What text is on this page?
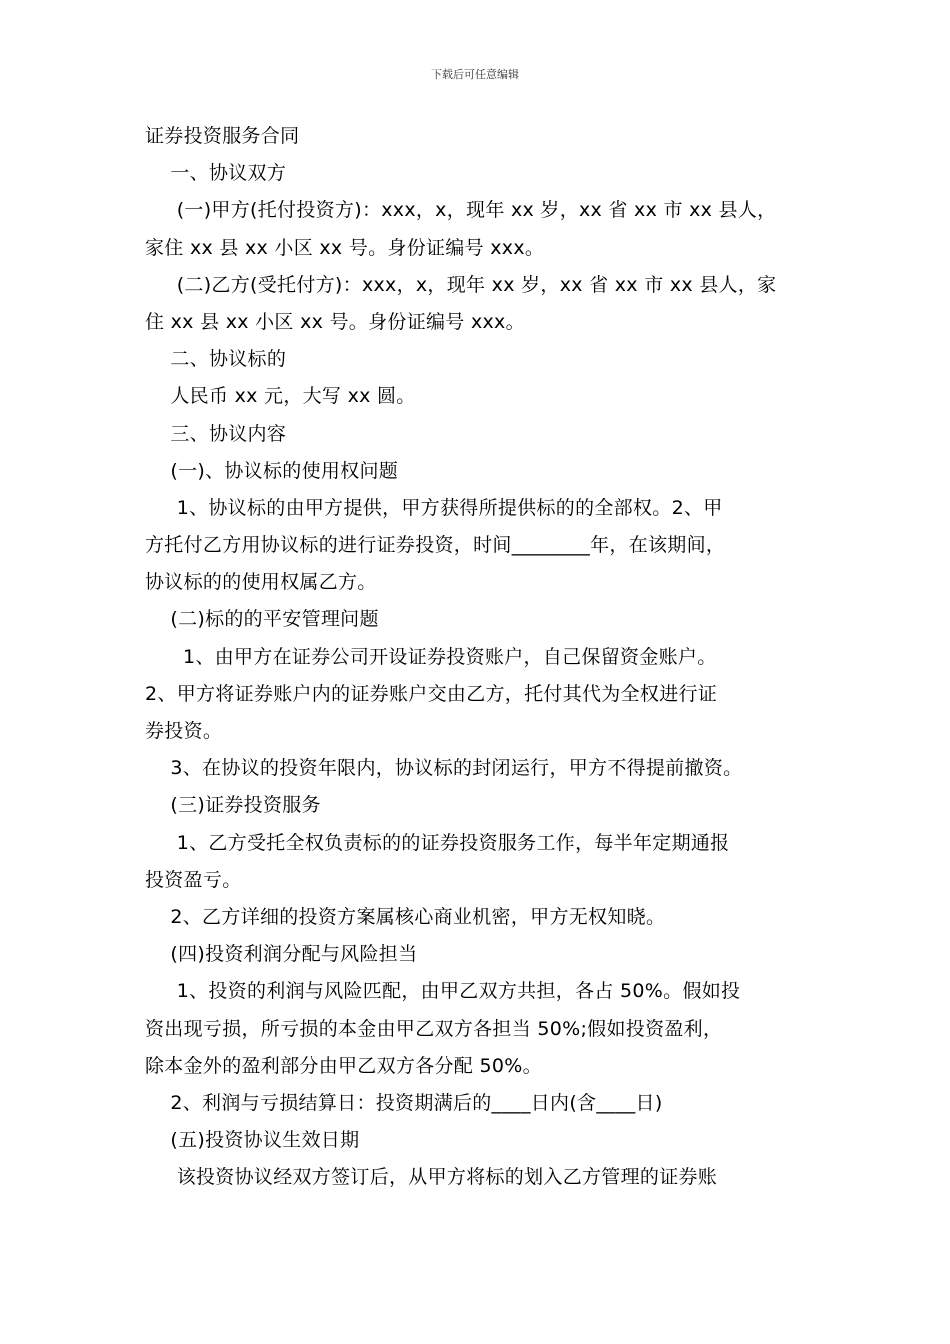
下载后可任意编辑
证券投资服务合同
一、协议双方
(一)甲方(托付投资方)：xxx，x，现年 xx 岁，xx 省 xx 市 xx 县人，
家住 xx 县 xx 小区 xx 号。身份证编号 xxx。
(二)乙方(受托付方)：xxx，x，现年 xx 岁，xx 省 xx 市 xx 县人，家
住 xx 县 xx 小区 xx 号。身份证编号 xxx。
二、协议标的
人民币 xx 元，大写 xx 圆。
三、协议内容
(一)、协议标的使用权问题
1、协议标的由甲方提供，甲方获得所提供标的的全部权。2、甲
方托付乙方用协议标的进行证券投资，时间________年，在该期间，
协议标的的使用权属乙方。
(二)标的的平安管理问题
1、由甲方在证券公司开设证券投资账户，自己保留资金账户。
2、甲方将证券账户内的证券账户交由乙方，托付其代为全权进行证
券投资。
3、在协议的投资年限内，协议标的封闭运行，甲方不得提前撤资。
(三)证券投资服务
1、乙方受托全权负责标的的证券投资服务工作，每半年定期通报
投资盈亏。
2、乙方详细的投资方案属核心商业机密，甲方无权知晓。
(四)投资利润分配与风险担当
1、投资的利润与风险匹配，由甲乙双方共担，各占 50%。假如投
资出现亏损，所亏损的本金由甲乙双方各担当 50%;假如投资盈利，
除本金外的盈利部分由甲乙双方各分配 50%。
2、利润与亏损结算日：投资期满后的____日内(含____日)
(五)投资协议生效日期
该投资协议经双方签订后，从甲方将标的划入乙方管理的证券账
